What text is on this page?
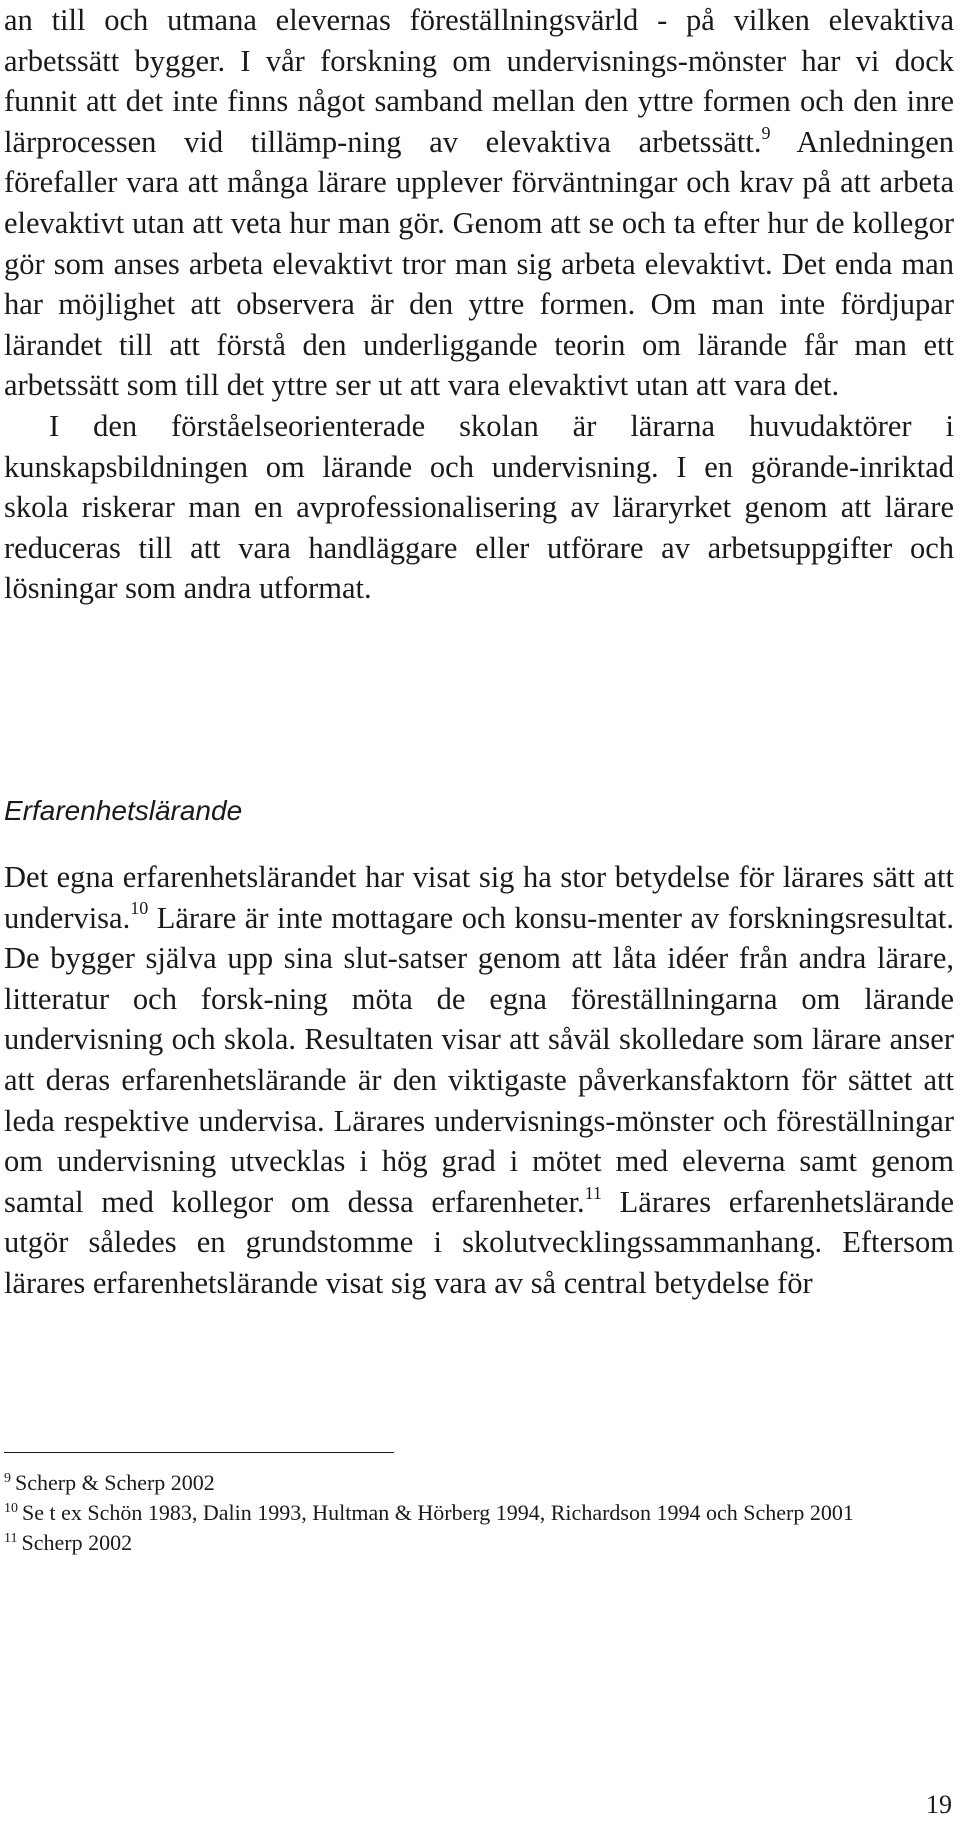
an till och utmana elevernas föreställningsvärld - på vilken elevaktiva arbetssätt bygger. I vår forskning om undervisnings-mönster har vi dock funnit att det inte finns något samband mellan den yttre formen och den inre lärprocessen vid tillämp-ning av elevaktiva arbetssätt.$^9$ Anledningen förefaller vara att många lärare upplever förväntningar och krav på att arbeta elevaktivt utan att veta hur man gör. Genom att se och ta efter hur de kollegor gör som anses arbeta elevaktivt tror man sig arbeta elevaktivt. Det enda man har möjlighet att observera är den yttre formen. Om man inte fördjupar lärandet till att förstå den underliggande teorin om lärande får man ett arbetssätt som till det yttre ser ut att vara elevaktivt utan att vara det.

I den förståelseorienterade skolan är lärarna huvudaktörer i kunskapsbildningen om lärande och undervisning. I en görande-inriktad skola riskerar man en avprofessionalisering av läraryrket genom att lärare reduceras till att vara handläggare eller utförare av arbetsuppgifter och lösningar som andra utformat.

Erfarenhetslärande

Det egna erfarenhetslärandet har visat sig ha stor betydelse för lärares sätt att undervisa.$^{10}$ Lärare är inte mottagare och konsu-menter av forskningsresultat. De bygger själva upp sina slut-satser genom att låta idéer från andra lärare, litteratur och forsk-ning möta de egna föreställningarna om lärande undervisning och skola. Resultaten visar att såväl skolledare som lärare anser att deras erfarenhetslärande är den viktigaste påverkansfaktorn för sättet att leda respektive undervisa. Lärares undervisnings-mönster och föreställningar om undervisning utvecklas i hög grad i mötet med eleverna samt genom samtal med kollegor om dessa erfarenheter.$^{11}$ Lärares erfarenhetslärande utgör således en grundstomme i skolutvecklingssammanhang. Eftersom lärares erfarenhetslärande visat sig vara av så central betydelse för

$^9$ Scherp & Scherp 2002

$^{10}$ Se t ex Schön 1983, Dalin 1993, Hultman & Hörberg 1994, Richardson 1994 och Scherp 2001

$^{11}$ Scherp 2002

19
